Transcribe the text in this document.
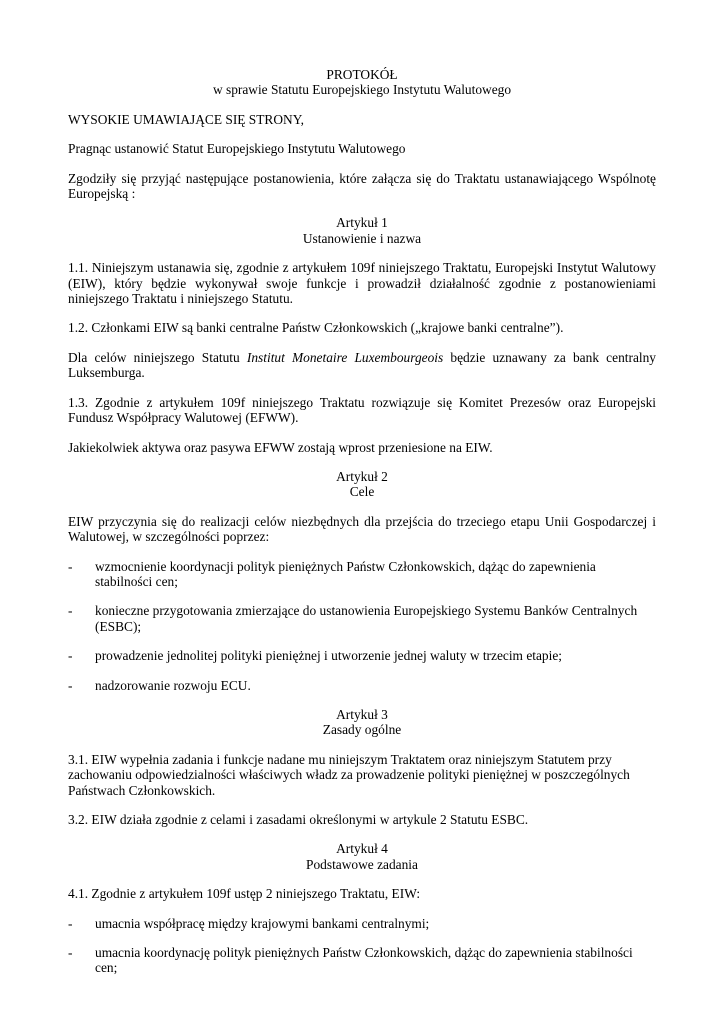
PROTOKÓŁ
w sprawie Statutu Europejskiego Instytutu Walutowego

WYSOKIE UMAWIAJĄCE SIĘ STRONY,

Pragnąc ustanowić Statut Europejskiego Instytutu Walutowego

Zgodziły się przyjąć następujące postanowienia, które załącza się do Traktatu ustanawiającego Wspólnotę Europejską :

Artykuł 1
Ustanowienie i nazwa

1.1. Niniejszym ustanawia się, zgodnie z artykułem 109f niniejszego Traktatu, Europejski Instytut Walutowy (EIW), który będzie wykonywał swoje funkcje i prowadził działalność zgodnie z postanowieniami niniejszego Traktatu i niniejszego Statutu.

1.2. Członkami EIW są banki centralne Państw Członkowskich („krajowe banki centralne”).

Dla celów niniejszego Statutu Institut Monetaire Luxembourgeois będzie uznawany za bank centralny Luksemburga.

1.3. Zgodnie z artykułem 109f niniejszego Traktatu rozwiązuje się Komitet Prezesów oraz Europejski Fundusz Współpracy Walutowej (EFWW).

Jakiekolwiek aktywa oraz pasywa EFWW zostają wprost przeniesione na EIW.

Artykuł 2
Cele

EIW przyczynia się do realizacji celów niezbędnych dla przejścia do trzeciego etapu Unii Gospodarczej i Walutowej, w szczególności poprzez:

-	wzmocnienie koordynacji polityk pieniężnych Państw Członkowskich, dążąc do zapewnienia stabilności cen;
-	konieczne przygotowania zmierzające do ustanowienia Europejskiego Systemu Banków Centralnych (ESBC);
-	prowadzenie jednolitej polityki pieniężnej i utworzenie jednej waluty w trzecim etapie;
-	nadzorowanie rozwoju ECU.
Artykuł 3
Zasady ogólne

3.1. EIW wypełnia zadania i funkcje nadane mu niniejszym Traktatem oraz niniejszym Statutem przy zachowaniu odpowiedzialności właściwych władz za prowadzenie polityki pieniężnej w poszczególnych Państwach Członkowskich.

3.2. EIW działa zgodnie z celami i zasadami określonymi w artykule 2 Statutu ESBC.

Artykuł 4
Podstawowe zadania

4.1. Zgodnie z artykułem 109f ustęp 2 niniejszego Traktatu, EIW:

-	umacnia współpracę między krajowymi bankami centralnymi;
-	umacnia koordynację polityk pieniężnych Państw Członkowskich, dążąc do zapewnienia stabilności cen;
